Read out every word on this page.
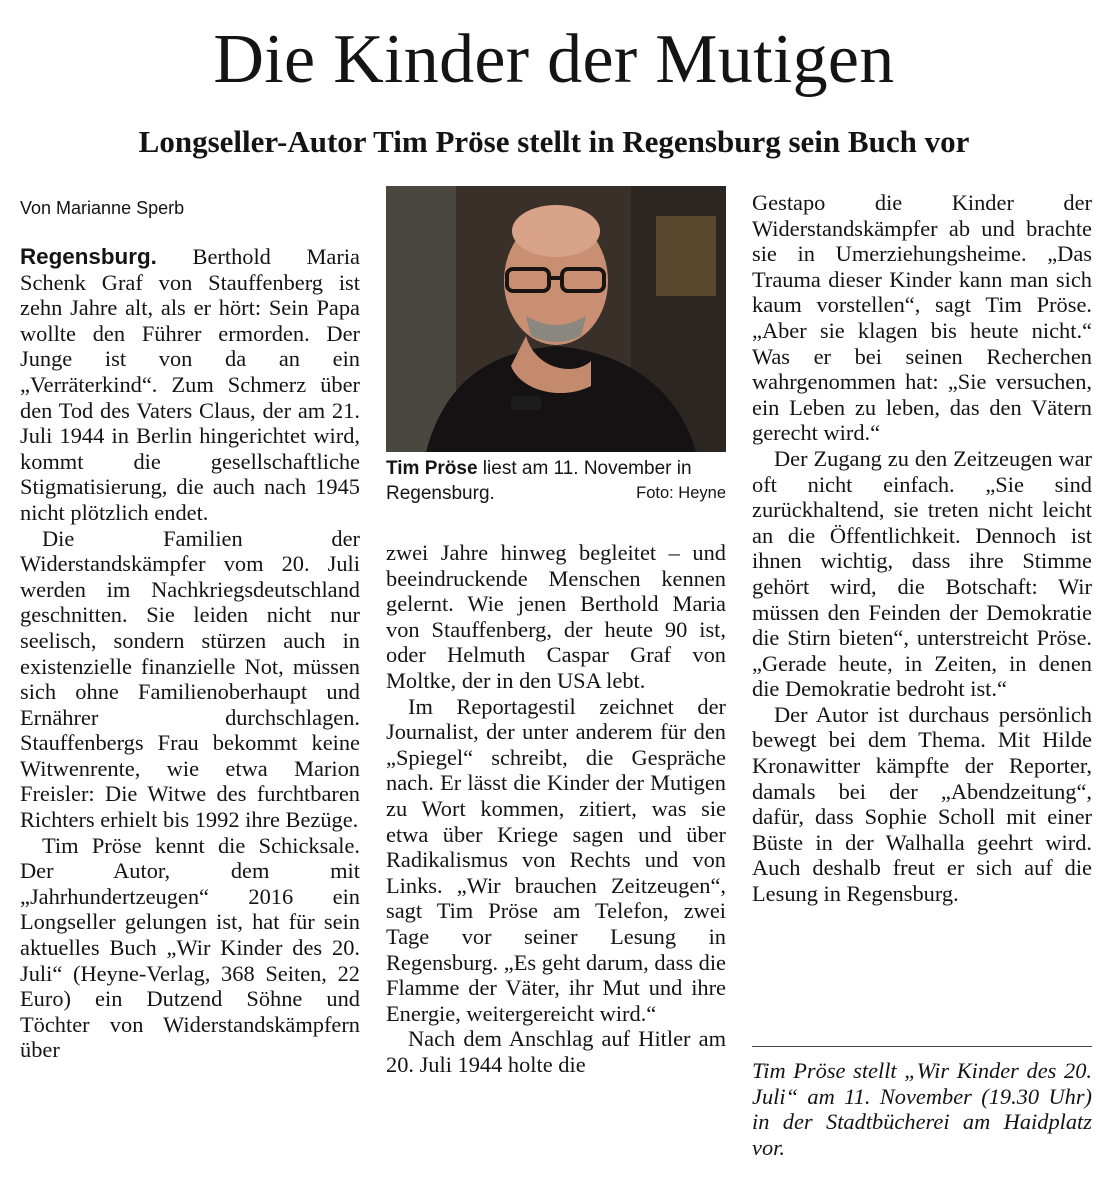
Die Kinder der Mutigen
Longseller-Autor Tim Pröse stellt in Regensburg sein Buch vor
Von Marianne Sperb

Regensburg. Berthold Maria Schenk Graf von Stauffenberg ist zehn Jahre alt, als er hört: Sein Papa wollte den Führer ermorden. Der Junge ist von da an ein „Verräterkind“. Zum Schmerz über den Tod des Vaters Claus, der am 21. Juli 1944 in Berlin hingerichtet wird, kommt die gesellschaftliche Stigmatisierung, die auch nach 1945 nicht plötzlich endet.

Die Familien der Widerstandskämpfer vom 20. Juli werden im Nachkriegsdeutschland geschnitten. Sie leiden nicht nur seelisch, sondern stürzen auch in existenzielle finanzielle Not, müssen sich ohne Familienoberhaupt und Ernährer durchschlagen. Stauffenbergs Frau bekommt keine Witwenrente, wie etwa Marion Freisler: Die Witwe des furchtbaren Richters erhielt bis 1992 ihre Bezüge.

Tim Pröse kennt die Schicksale. Der Autor, dem mit „Jahrhundertzeugen“ 2016 ein Longseller gelungen ist, hat für sein aktuelles Buch „Wir Kinder des 20. Juli“ (Heyne-Verlag, 368 Seiten, 22 Euro) ein Dutzend Söhne und Töchter von Widerstandskämpfern über

Tim Pröse liest am 11. November in Regensburg.	Foto: Heyne

zwei Jahre hinweg begleitet – und beeindruckende Menschen kennen gelernt. Wie jenen Berthold Maria von Stauffenberg, der heute 90 ist, oder Helmuth Caspar Graf von Moltke, der in den USA lebt.

Im Reportagestil zeichnet der Journalist, der unter anderem für den „Spiegel“ schreibt, die Gespräche nach. Er lässt die Kinder der Mutigen zu Wort kommen, zitiert, was sie etwa über Kriege sagen und über Radikalismus von Rechts und von Links. „Wir brauchen Zeitzeugen“, sagt Tim Pröse am Telefon, zwei Tage vor seiner Lesung in Regensburg. „Es geht darum, dass die Flamme der Väter, ihr Mut und ihre Energie, weitergereicht wird.“

Nach dem Anschlag auf Hitler am 20. Juli 1944 holte die

Gestapo die Kinder der Widerstandskämpfer ab und brachte sie in Umerziehungsheime. „Das Trauma dieser Kinder kann man sich kaum vorstellen“, sagt Tim Pröse. „Aber sie klagen bis heute nicht.“ Was er bei seinen Recherchen wahrgenommen hat: „Sie versuchen, ein Leben zu leben, das den Vätern gerecht wird.“

Der Zugang zu den Zeitzeugen war oft nicht einfach. „Sie sind zurückhaltend, sie treten nicht leicht an die Öffentlichkeit. Dennoch ist ihnen wichtig, dass ihre Stimme gehört wird, die Botschaft: Wir müssen den Feinden der Demokratie die Stirn bieten“, unterstreicht Pröse. „Gerade heute, in Zeiten, in denen die Demokratie bedroht ist.“

Der Autor ist durchaus persönlich bewegt bei dem Thema. Mit Hilde Kronawitter kämpfte der Reporter, damals bei der „Abendzeitung“, dafür, dass Sophie Scholl mit einer Büste in der Walhalla geehrt wird. Auch deshalb freut er sich auf die Lesung in Regensburg.

Tim Pröse stellt „Wir Kinder des 20. Juli“ am 11. November (19.30 Uhr) in der Stadtbücherei am Haidplatz vor.
